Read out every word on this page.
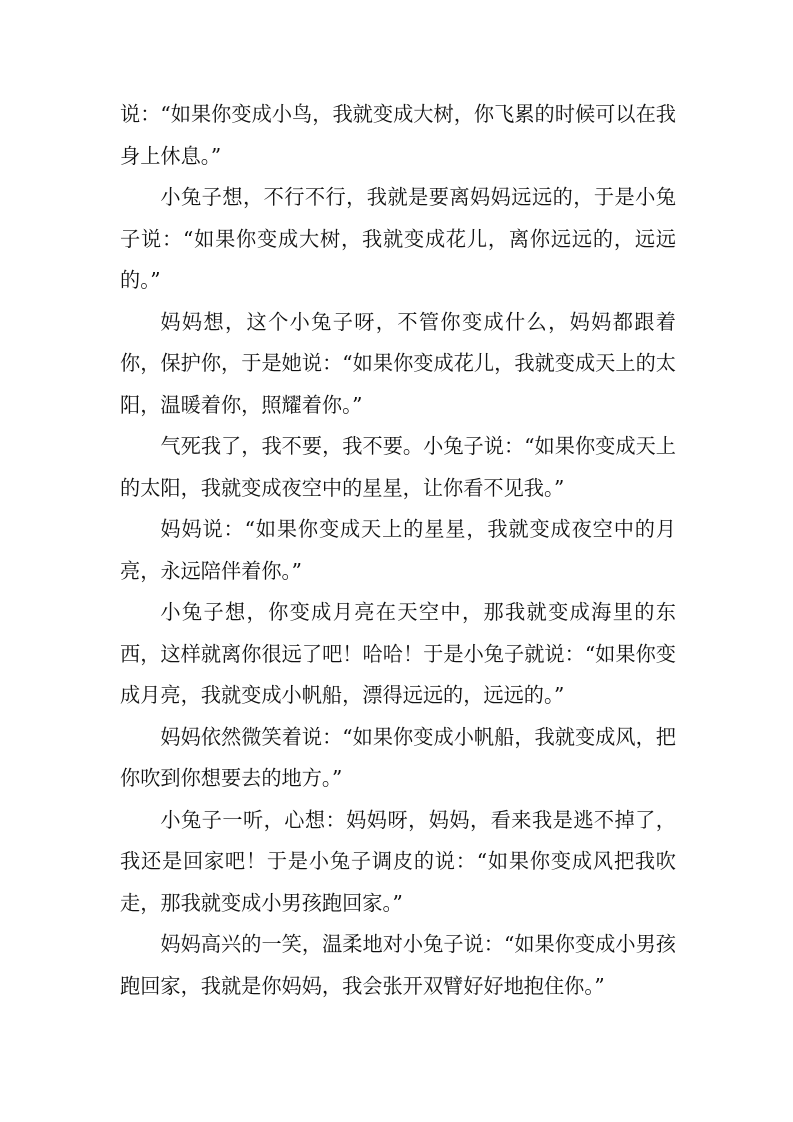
说：“如果你变成小鸟，我就变成大树，你飞累的时候可以在我身上休息。”

小兔子想，不行不行，我就是要离妈妈远远的，于是小兔子说：“如果你变成大树，我就变成花儿，离你远远的，远远的。”

妈妈想，这个小兔子呀，不管你变成什么，妈妈都跟着你，保护你，于是她说：“如果你变成花儿，我就变成天上的太阳，温暖着你，照耀着你。”

气死我了，我不要，我不要。小兔子说：“如果你变成天上的太阳，我就变成夜空中的星星，让你看不见我。”

妈妈说：“如果你变成天上的星星，我就变成夜空中的月亮，永远陪伴着你。”

小兔子想，你变成月亮在天空中，那我就变成海里的东西，这样就离你很远了吧！哈哈！于是小兔子就说：“如果你变成月亮，我就变成小帆船，漂得远远的，远远的。”

妈妈依然微笑着说：“如果你变成小帆船，我就变成风，把你吹到你想要去的地方。”

小兔子一听，心想：妈妈呀，妈妈，看来我是逃不掉了，我还是回家吧！于是小兔子调皮的说：“如果你变成风把我吹走，那我就变成小男孩跑回家。”

妈妈高兴的一笑，温柔地对小兔子说：“如果你变成小男孩跑回家，我就是你妈妈，我会张开双臂好好地抱住你。”
